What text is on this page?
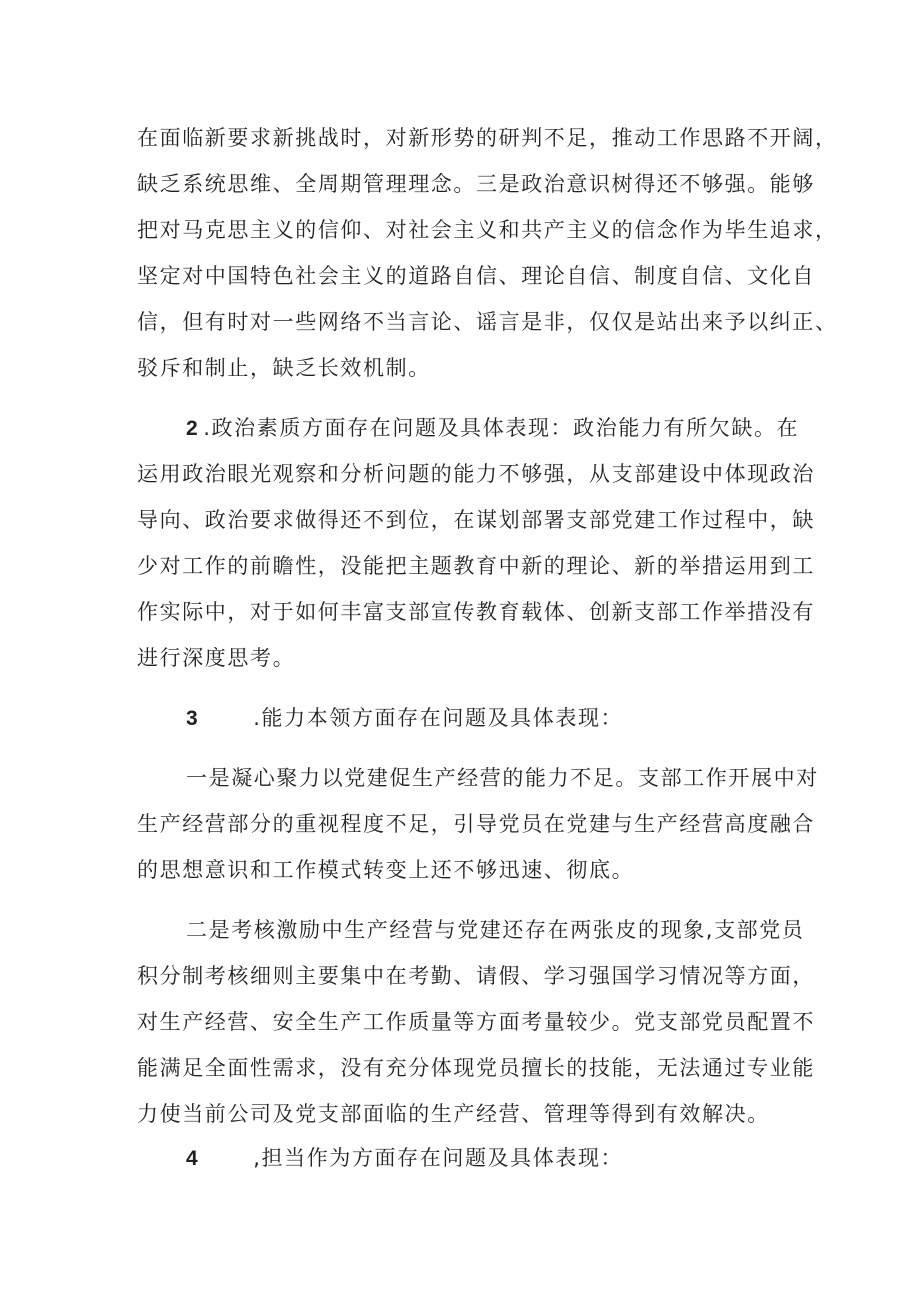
在面临新要求新挑战时，对新形势的研判不足，推动工作思路不开阔，
缺乏系统思维、全周期管理理念。三是政治意识树得还不够强。能够
把对马克思主义的信仰、对社会主义和共产主义的信念作为毕生追求，
坚定对中国特色社会主义的道路自信、理论自信、制度自信、文化自
信，但有时对一些网络不当言论、谣言是非，仅仅是站出来予以纠正、
驳斥和制止，缺乏长效机制。
2 .政治素质方面存在问题及具体表现：政治能力有所欠缺。在
运用政治眼光观察和分析问题的能力不够强，从支部建设中体现政治
导向、政治要求做得还不到位，在谋划部署支部党建工作过程中，缺
少对工作的前瞻性，没能把主题教育中新的理论、新的举措运用到工
作实际中，对于如何丰富支部宣传教育载体、创新支部工作举措没有
进行深度思考。
3	.能力本领方面存在问题及具体表现：
一是凝心聚力以党建促生产经营的能力不足。支部工作开展中对
生产经营部分的重视程度不足，引导党员在党建与生产经营高度融合
的思想意识和工作模式转变上还不够迅速、彻底。
二是考核激励中生产经营与党建还存在两张皮的现象,支部党员
积分制考核细则主要集中在考勤、请假、学习强国学习情况等方面，
对生产经营、安全生产工作质量等方面考量较少。党支部党员配置不
能满足全面性需求，没有充分体现党员擅长的技能，无法通过专业能
力使当前公司及党支部面临的生产经营、管理等得到有效解决。
4	,担当作为方面存在问题及具体表现：
